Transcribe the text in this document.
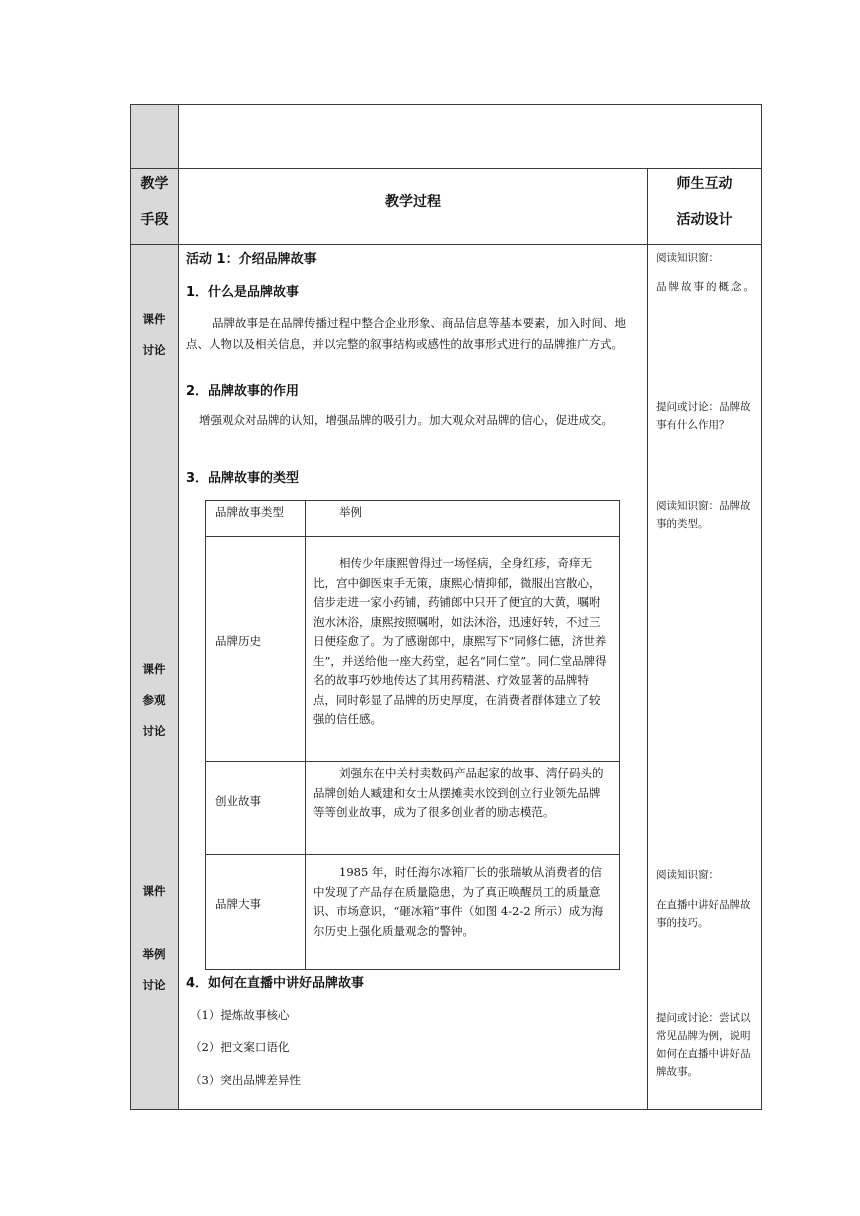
教学
手段
教学过程
师生互动
活动设计
课件
讨论
课件
参观
讨论
课件
举例
讨论
活动 1：介绍品牌故事
1．什么是品牌故事
品牌故事是在品牌传播过程中整合企业形象、商品信息等基本要素，加入时间、地点、人物以及相关信息，并以完整的叙事结构或感性的故事形式进行的品牌推广方式。
2．品牌故事的作用
增强观众对品牌的认知，增强品牌的吸引力。加大观众对品牌的信心，促进成交。
3．品牌故事的类型
品牌故事类型	举例
品牌历史
相传少年康熙曾得过一场怪病，全身红疹，奇痒无比，宫中御医束手无策，康熙心情抑郁，微服出宫散心，信步走进一家小药铺，药铺郎中只开了便宜的大黄，嘱咐泡水沐浴，康熙按照嘱咐，如法沐浴，迅速好转，不过三日便痊愈了。为了感谢郎中，康熙写下“同修仁德，济世养生”，并送给他一座大药堂，起名“同仁堂”。同仁堂品牌得名的故事巧妙地传达了其用药精湛、疗效显著的品牌特点，同时彰显了品牌的历史厚度，在消费者群体建立了较强的信任感。
创业故事
刘强东在中关村卖数码产品起家的故事、湾仔码头的品牌创始人臧建和女士从摆摊卖水饺到创立行业领先品牌等等创业故事，成为了很多创业者的励志模范。
品牌大事
1985 年，时任海尔冰箱厂长的张瑞敏从消费者的信中发现了产品存在质量隐患，为了真正唤醒员工的质量意识、市场意识，“砸冰箱”事件（如图 4-2-2 所示）成为海尔历史上强化质量观念的警钟。
4．如何在直播中讲好品牌故事
（1）提炼故事核心
（2）把文案口语化
（3）突出品牌差异性
阅读知识窗：
品牌故事的概念。
提问或讨论：品牌故事有什么作用？
阅读知识窗：品牌故事的类型。
阅读知识窗：
在直播中讲好品牌故事的技巧。
提问或讨论：尝试以常见品牌为例，说明如何在直播中讲好品牌故事。
